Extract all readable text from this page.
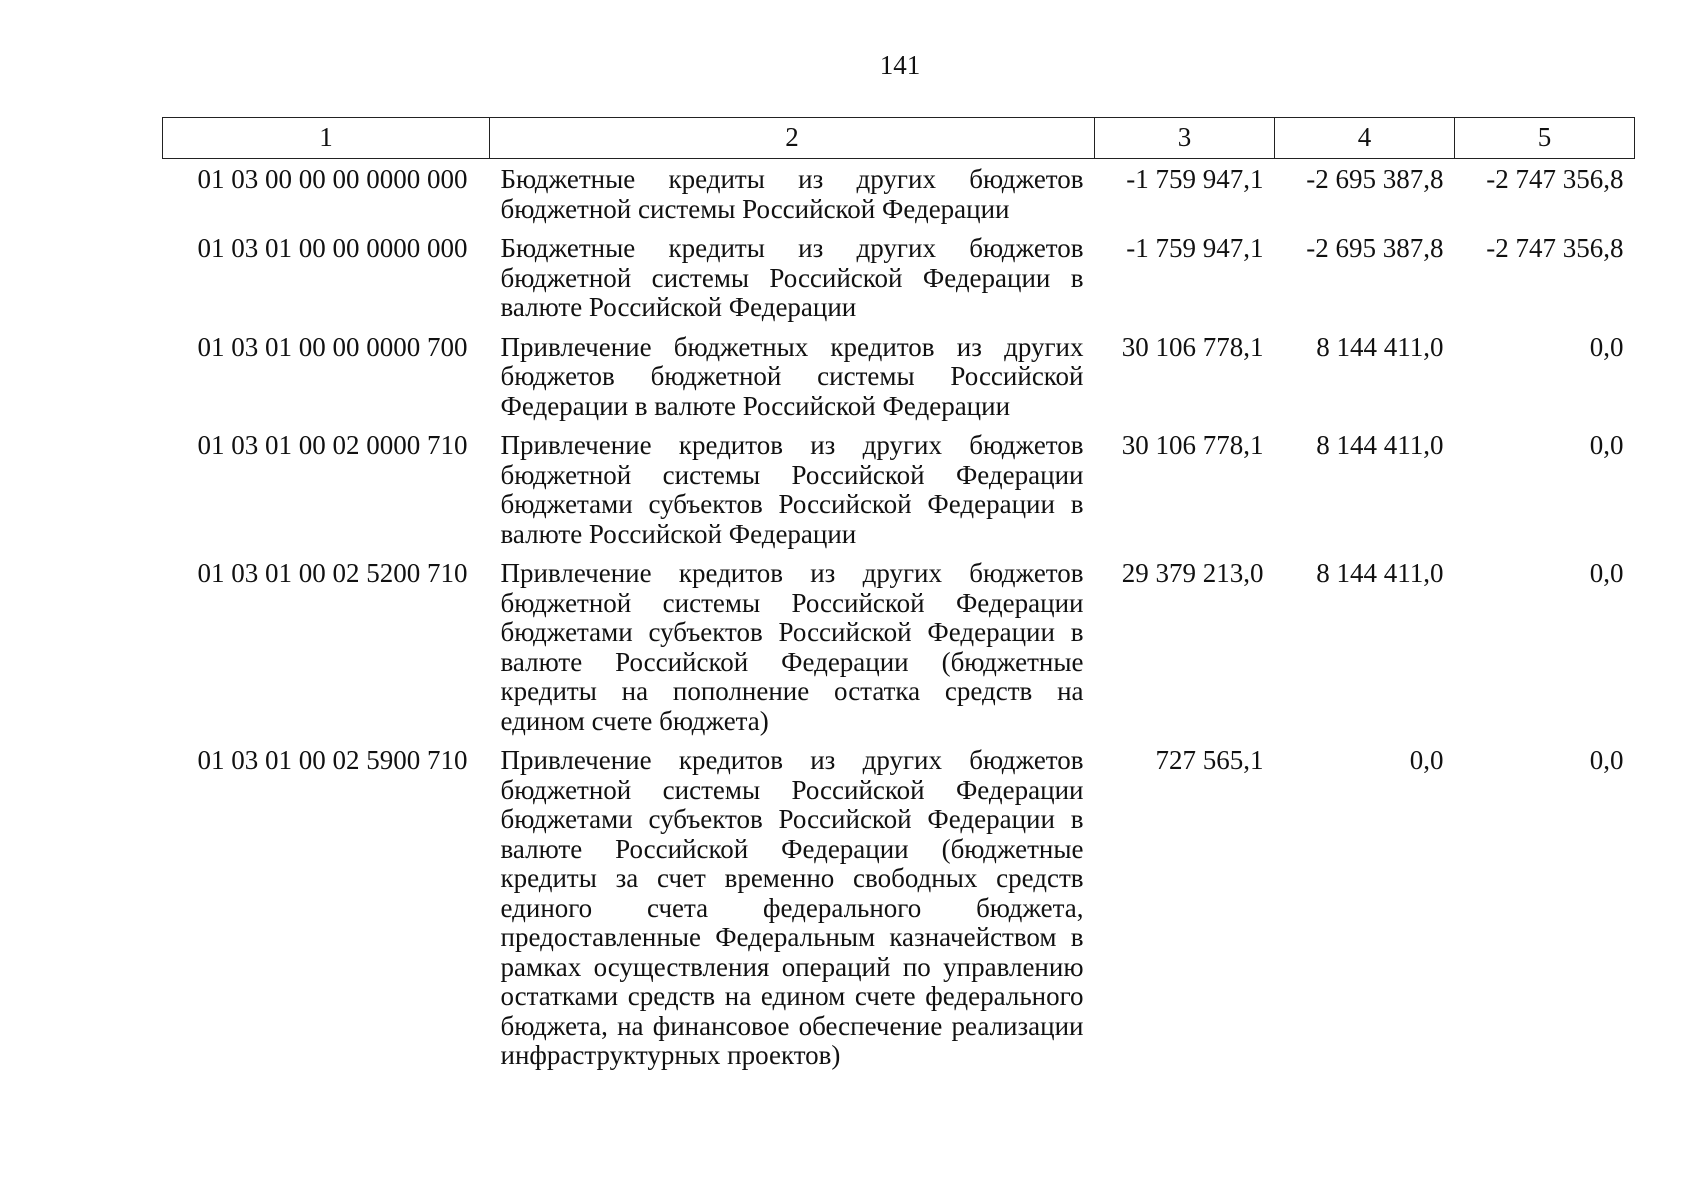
141
1	2	3	4	5
01 03 00 00 00 0000 000	Бюджетные кредиты из других бюджетов бюджетной системы Российской Федерации	-1 759 947,1	-2 695 387,8	-2 747 356,8
01 03 01 00 00 0000 000	Бюджетные кредиты из других бюджетов бюджетной системы Российской Федерации в валюте Российской Федерации	-1 759 947,1	-2 695 387,8	-2 747 356,8
01 03 01 00 00 0000 700	Привлечение бюджетных кредитов из других бюджетов бюджетной системы Российской Федерации в валюте Российской Федерации	30 106 778,1	8 144 411,0	0,0
01 03 01 00 02 0000 710	Привлечение кредитов из других бюджетов бюджетной системы Российской Федерации бюджетами субъектов Российской Федерации в валюте Российской Федерации	30 106 778,1	8 144 411,0	0,0
01 03 01 00 02 5200 710	Привлечение кредитов из других бюджетов бюджетной системы Российской Федерации бюджетами субъектов Российской Федерации в валюте Российской Федерации (бюджетные кредиты на пополнение остатка средств на едином счете бюджета)	29 379 213,0	8 144 411,0	0,0
01 03 01 00 02 5900 710	Привлечение кредитов из других бюджетов бюджетной системы Российской Федерации бюджетами субъектов Российской Федерации в валюте Российской Федерации (бюджетные кредиты за счет временно свободных средств единого счета федерального бюджета, предоставленные Федеральным казначейством в рамках осуществления операций по управлению остатками средств на едином счете федерального бюджета, на финансовое обеспечение реализации инфраструктурных проектов)	727 565,1	0,0	0,0
